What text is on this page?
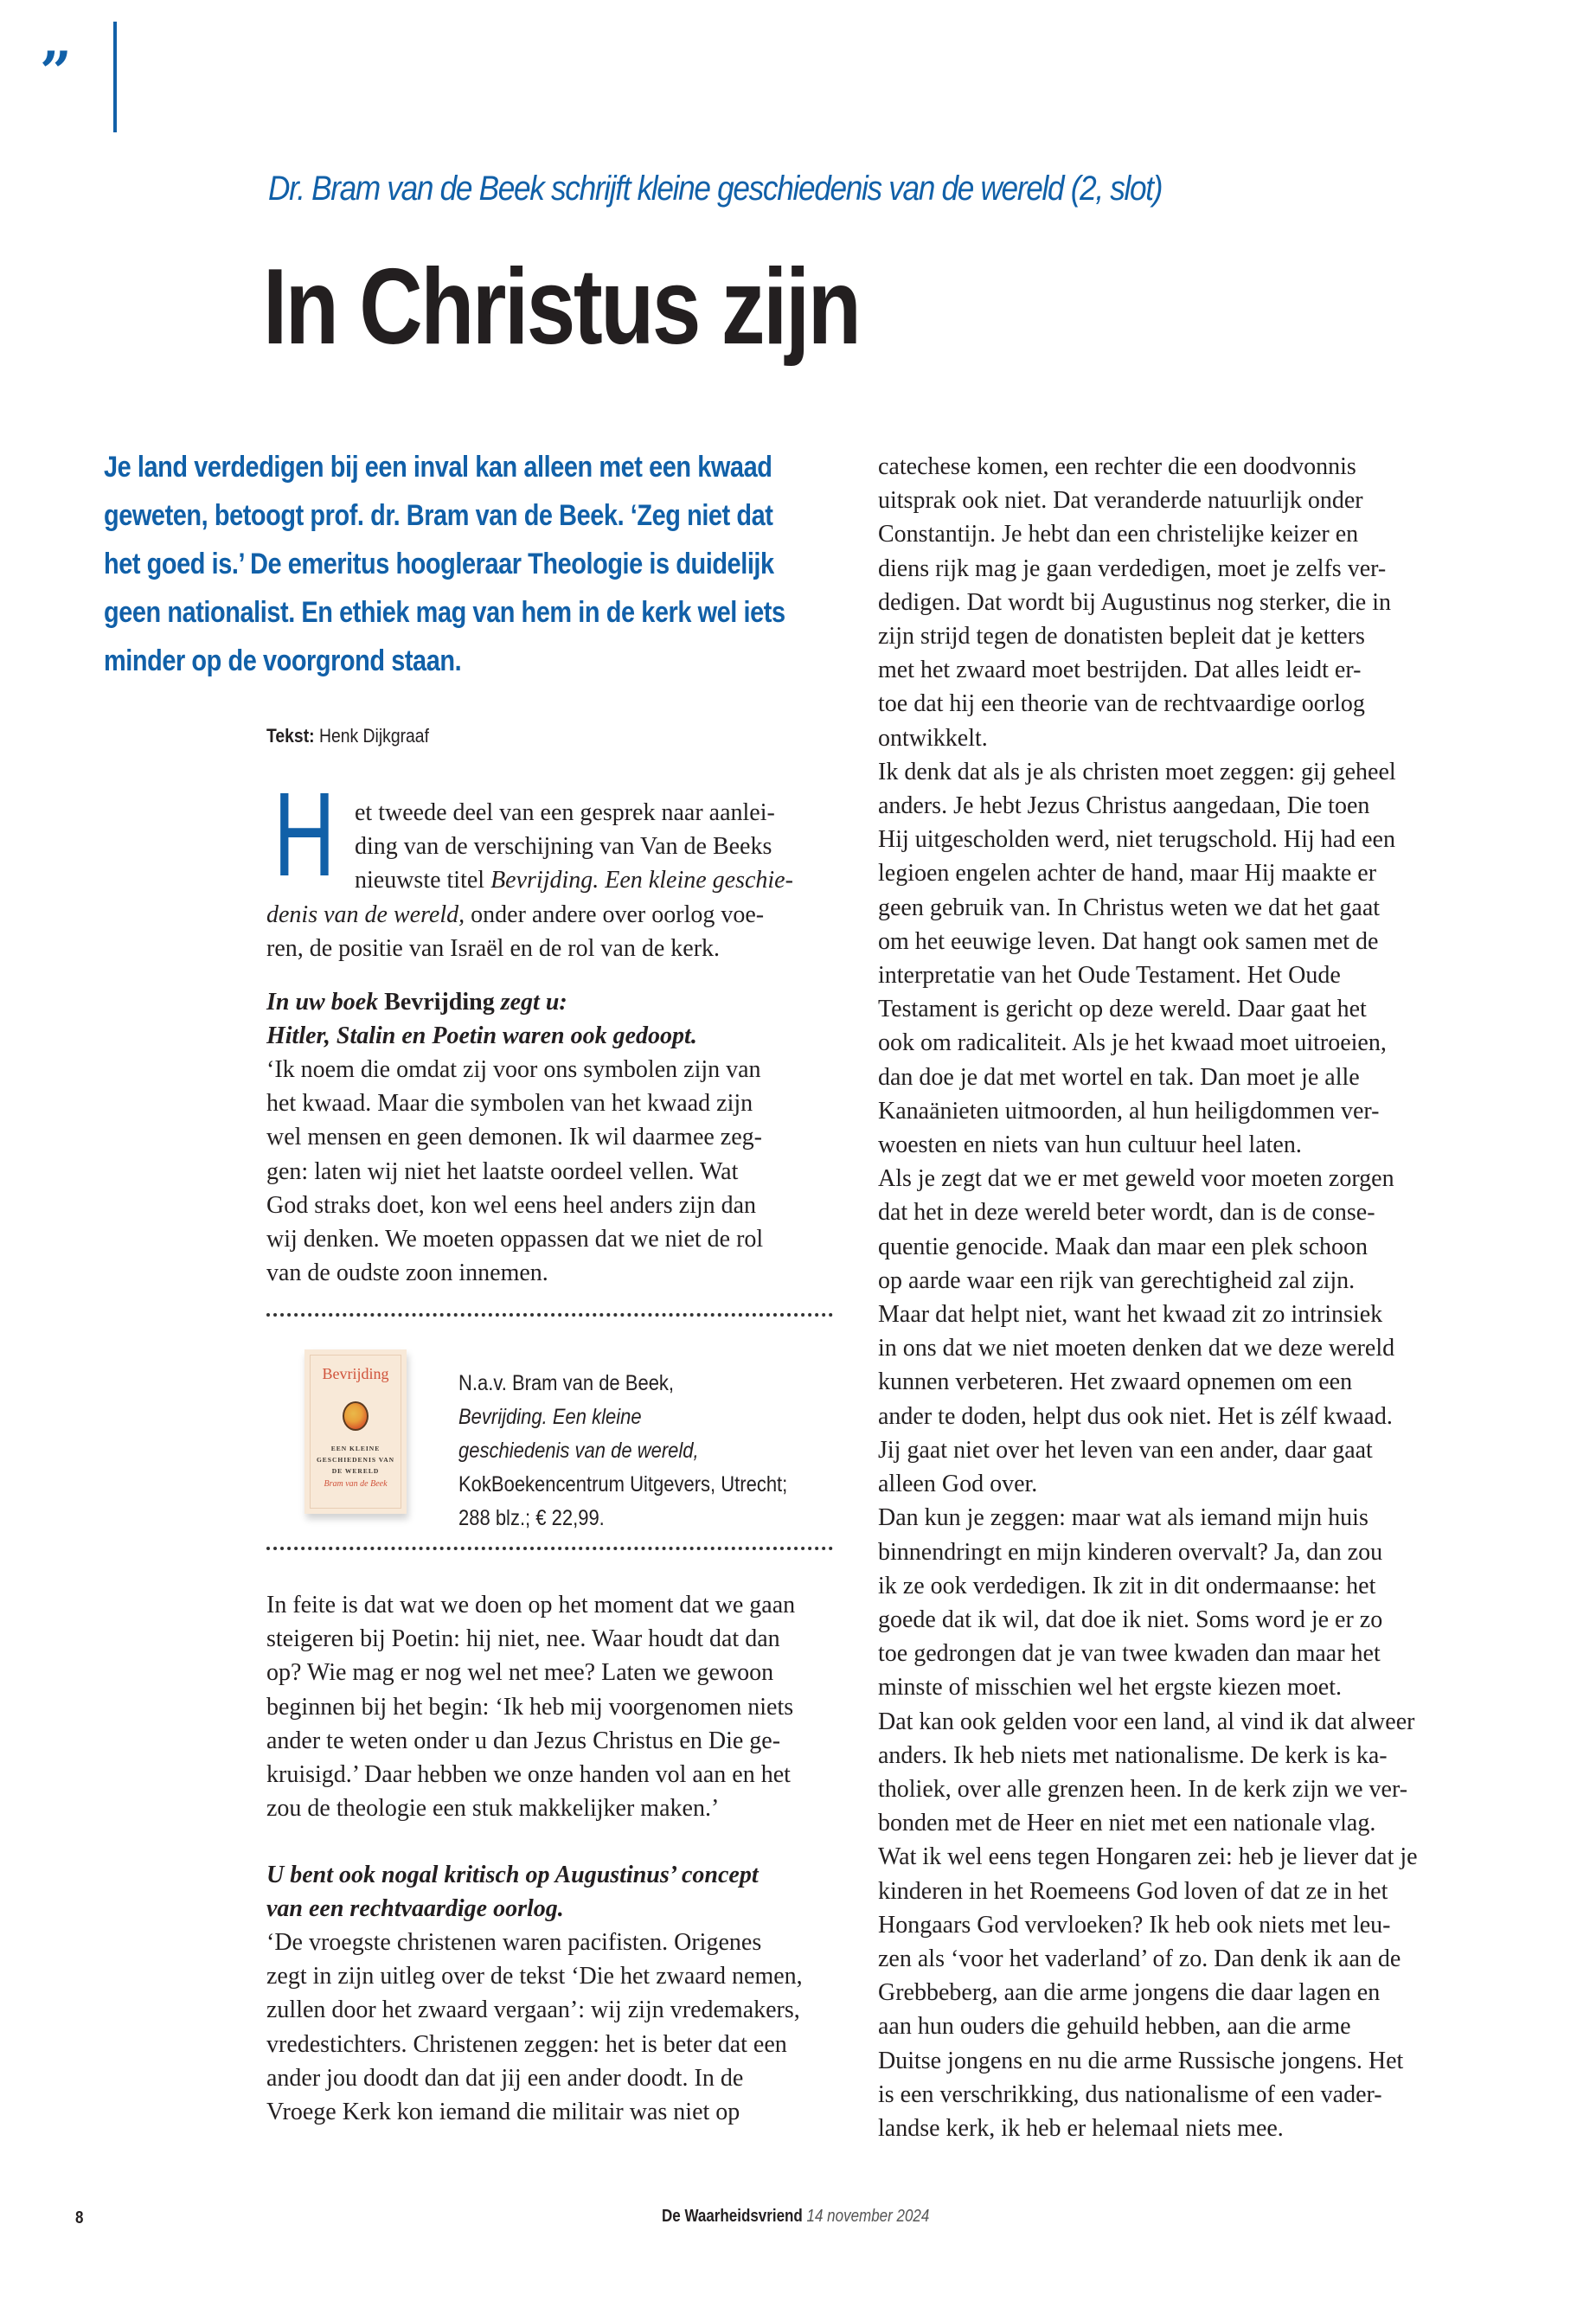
”
Dr. Bram van de Beek schrijft kleine geschiedenis van de wereld (2, slot)
In Christus zijn
Je land verdedigen bij een inval kan alleen met een kwaad
geweten, betoogt prof. dr. Bram van de Beek. ‘Zeg niet dat
het goed is.’ De emeritus hoogleraar Theologie is duidelijk
geen nationalist. En ethiek mag van hem in de kerk wel iets
minder op de voorgrond staan.
Tekst: Henk Dijkgraaf
H et tweede deel van een gesprek naar aanlei-
ding van de verschijning van Van de Beeks
nieuwste titel Bevrijding. Een kleine geschie-
denis van de wereld, onder andere over oorlog voe-
ren, de positie van Israël en de rol van de kerk.
In uw boek Bevrijding zegt u:
Hitler, Stalin en Poetin waren ook gedoopt.
‘Ik noem die omdat zij voor ons symbolen zijn van
het kwaad. Maar die symbolen van het kwaad zijn
wel mensen en geen demonen. Ik wil daarmee zeg-
gen: laten wij niet het laatste oordeel vellen. Wat
God straks doet, kon wel eens heel anders zijn dan
wij denken. We moeten oppassen dat we niet de rol
van de oudste zoon innemen.
Bevrijding
EEN KLEINE
GESCHIEDENIS VAN
DE WERELD
Bram van de Beek
N.a.v. Bram van de Beek,
Bevrijding. Een kleine
geschiedenis van de wereld,
KokBoekencentrum Uitgevers, Utrecht;
288 blz.; € 22,99.
In feite is dat wat we doen op het moment dat we gaan
steigeren bij Poetin: hij niet, nee. Waar houdt dat dan
op? Wie mag er nog wel net mee? Laten we gewoon
beginnen bij het begin: ‘Ik heb mij voorgenomen niets
ander te weten onder u dan Jezus Christus en Die ge-
kruisigd.’ Daar hebben we onze handen vol aan en het
zou de theologie een stuk makkelijker maken.’
U bent ook nogal kritisch op Augustinus’ concept
van een rechtvaardige oorlog.
‘De vroegste christenen waren pacifisten. Origenes
zegt in zijn uitleg over de tekst ‘Die het zwaard nemen,
zullen door het zwaard vergaan’: wij zijn vredemakers,
vredestichters. Christenen zeggen: het is beter dat een
ander jou doodt dan dat jij een ander doodt. In de
Vroege Kerk kon iemand die militair was niet op
catechese komen, een rechter die een doodvonnis
uitsprak ook niet. Dat veranderde natuurlijk onder
Constantijn. Je hebt dan een christelijke keizer en
diens rijk mag je gaan verdedigen, moet je zelfs ver-
dedigen. Dat wordt bij Augustinus nog sterker, die in
zijn strijd tegen de donatisten bepleit dat je ketters
met het zwaard moet bestrijden. Dat alles leidt er-
toe dat hij een theorie van de rechtvaardige oorlog
ontwikkelt.
Ik denk dat als je als christen moet zeggen: gij geheel
anders. Je hebt Jezus Christus aangedaan, Die toen
Hij uitgescholden werd, niet terugschold. Hij had een
legioen engelen achter de hand, maar Hij maakte er
geen gebruik van. In Christus weten we dat het gaat
om het eeuwige leven. Dat hangt ook samen met de
interpretatie van het Oude Testament. Het Oude
Testament is gericht op deze wereld. Daar gaat het
ook om radicaliteit. Als je het kwaad moet uitroeien,
dan doe je dat met wortel en tak. Dan moet je alle
Kanaänieten uitmoorden, al hun heiligdommen ver-
woesten en niets van hun cultuur heel laten.
Als je zegt dat we er met geweld voor moeten zorgen
dat het in deze wereld beter wordt, dan is de conse-
quentie genocide. Maak dan maar een plek schoon
op aarde waar een rijk van gerechtigheid zal zijn.
Maar dat helpt niet, want het kwaad zit zo intrinsiek
in ons dat we niet moeten denken dat we deze wereld
kunnen verbeteren. Het zwaard opnemen om een
ander te doden, helpt dus ook niet. Het is zélf kwaad.
Jij gaat niet over het leven van een ander, daar gaat
alleen God over.
Dan kun je zeggen: maar wat als iemand mijn huis
binnendringt en mijn kinderen overvalt? Ja, dan zou
ik ze ook verdedigen. Ik zit in dit ondermaanse: het
goede dat ik wil, dat doe ik niet. Soms word je er zo
toe gedrongen dat je van twee kwaden dan maar het
minste of misschien wel het ergste kiezen moet.
Dat kan ook gelden voor een land, al vind ik dat alweer
anders. Ik heb niets met nationalisme. De kerk is ka-
tholiek, over alle grenzen heen. In de kerk zijn we ver-
bonden met de Heer en niet met een nationale vlag.
Wat ik wel eens tegen Hongaren zei: heb je liever dat je
kinderen in het Roemeens God loven of dat ze in het
Hongaars God vervloeken? Ik heb ook niets met leu-
zen als ‘voor het vaderland’ of zo. Dan denk ik aan de
Grebbeberg, aan die arme jongens die daar lagen en
aan hun ouders die gehuild hebben, aan die arme
Duitse jongens en nu die arme Russische jongens. Het
is een verschrikking, dus nationalisme of een vader-
landse kerk, ik heb er helemaal niets mee.
8	De Waarheidsvriend 14 november 2024
